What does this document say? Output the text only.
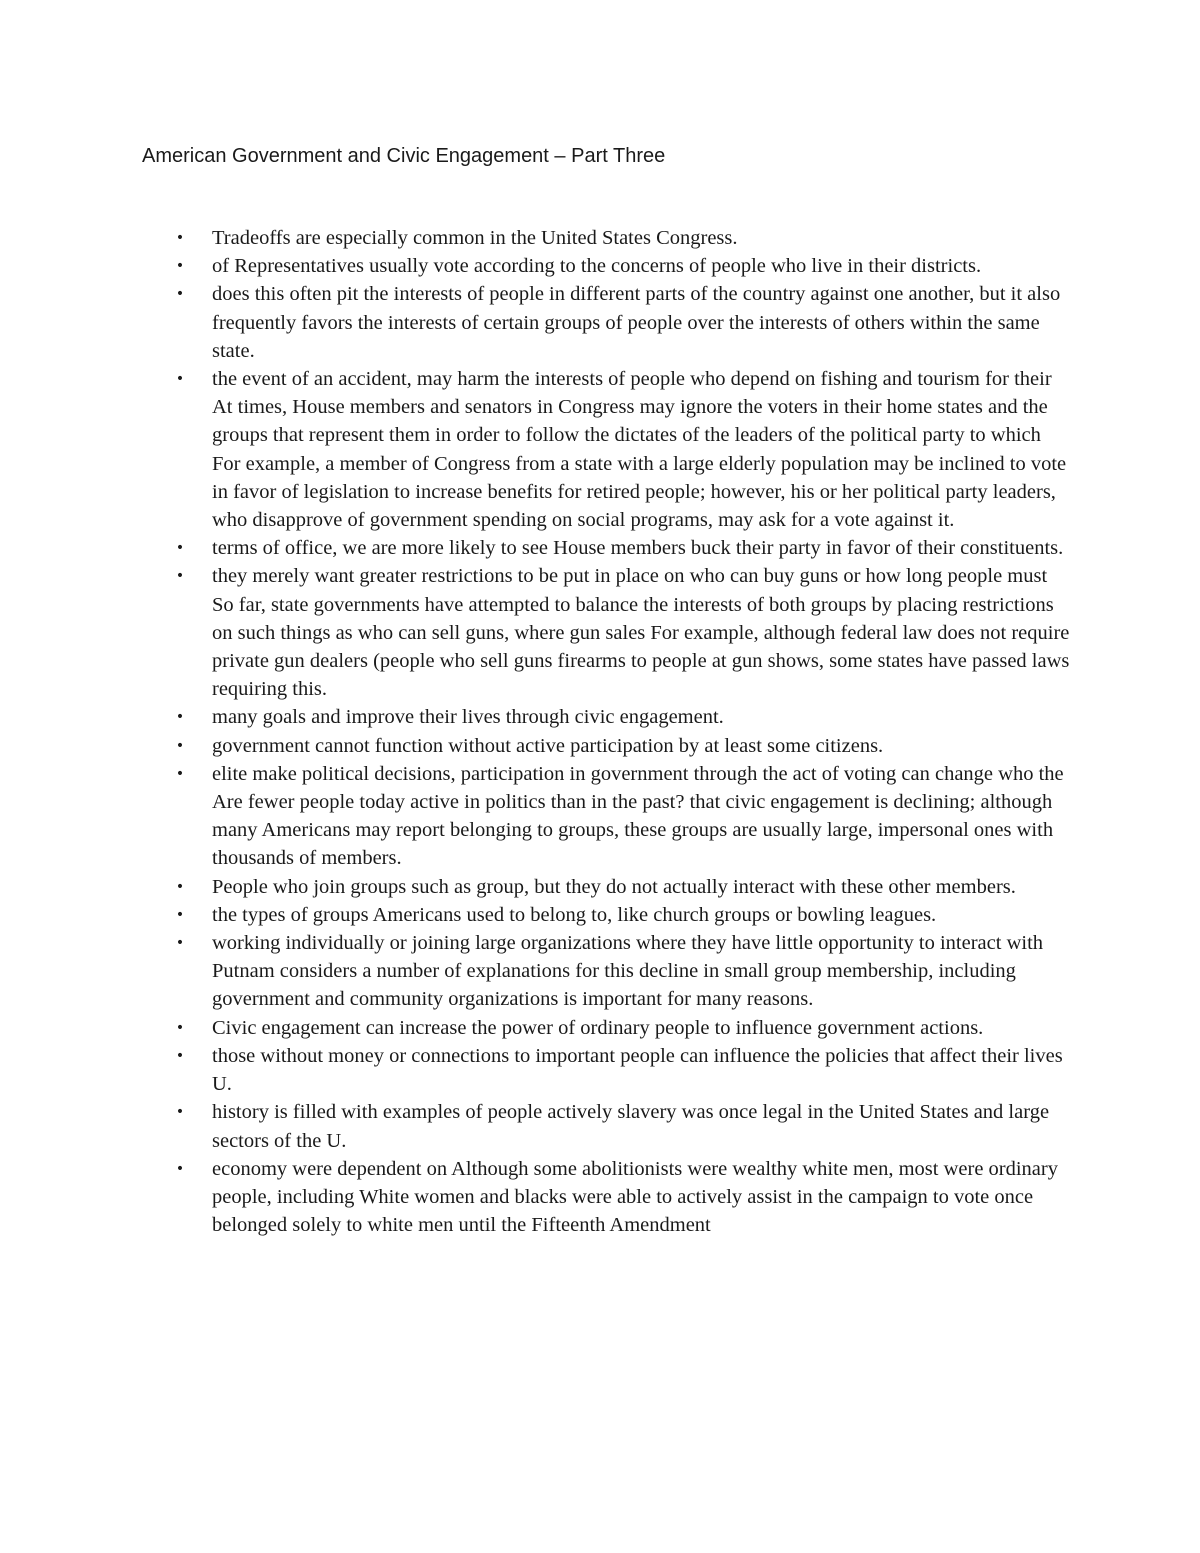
American Government and Civic Engagement – Part Three
• Tradeoffs are especially common in the United States Congress.
• of Representatives usually vote according to the concerns of people who live in their districts.
• does this often pit the interests of people in different parts of the country against one another, but it also frequently favors the interests of certain groups of people over the interests of others within the same state.
• the event of an accident, may harm the interests of people who depend on fishing and tourism for their At times, House members and senators in Congress may ignore the voters in their home states and the groups that represent them in order to follow the dictates of the leaders of the political party to which For example, a member of Congress from a state with a large elderly population may be inclined to vote in favor of legislation to increase benefits for retired people; however, his or her political party leaders, who disapprove of government spending on social programs, may ask for a vote against it.
• terms of office, we are more likely to see House members buck their party in favor of their constituents.
• they merely want greater restrictions to be put in place on who can buy guns or how long people must So far, state governments have attempted to balance the interests of both groups by placing restrictions on such things as who can sell guns, where gun sales For example, although federal law does not require private gun dealers (people who sell guns firearms to people at gun shows, some states have passed laws requiring this.
• many goals and improve their lives through civic engagement.
• government cannot function without active participation by at least some citizens.
• elite make political decisions, participation in government through the act of voting can change who the Are fewer people today active in politics than in the past? that civic engagement is declining; although many Americans may report belonging to groups, these groups are usually large, impersonal ones with thousands of members.
• People who join groups such as group, but they do not actually interact with these other members.
• the types of groups Americans used to belong to, like church groups or bowling leagues.
• working individually or joining large organizations where they have little opportunity to interact with Putnam considers a number of explanations for this decline in small group membership, including government and community organizations is important for many reasons.
• Civic engagement can increase the power of ordinary people to influence government actions.
• those without money or connections to important people can influence the policies that affect their lives U.
• history is filled with examples of people actively slavery was once legal in the United States and large sectors of the U.
• economy were dependent on Although some abolitionists were wealthy white men, most were ordinary people, including White women and blacks were able to actively assist in the campaign to vote once belonged solely to white men until the Fifteenth Amendment
